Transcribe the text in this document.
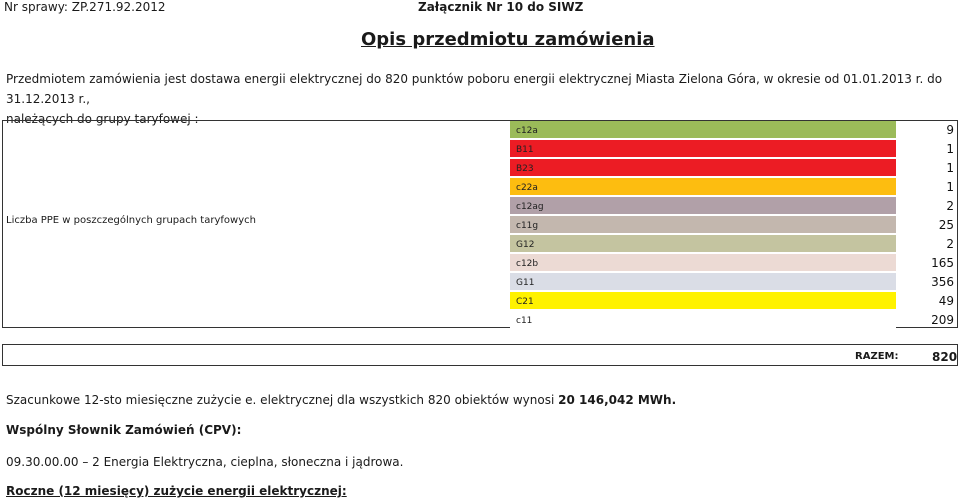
Nr sprawy: ZP.271.92.2012	Załącznik Nr 10 do SIWZ
Opis przedmiotu zamówienia
Przedmiotem zamówienia jest dostawa energii elektrycznej do 820 punktów poboru energii elektrycznej Miasta Zielona Góra, w okresie od 01.01.2013 r. do 31.12.2013 r.,
należących do grupy taryfowej :
Liczba PPE w poszczególnych grupach taryfowych
c12a	9
B11	1
B23	1
c22a	1
c12ag	2
c11g	25
G12	2
c12b	165
G11	356
C21	49
c11	209
RAZEM:	820
Szacunkowe 12-sto miesięczne zużycie e. elektrycznej dla wszystkich 820 obiektów wynosi 20 146,042 MWh.
Wspólny Słownik Zamówień (CPV):
09.30.00.00 – 2 Energia Elektryczna, cieplna, słoneczna i jądrowa.
Roczne (12 miesięcy) zużycie energii elektrycznej:
